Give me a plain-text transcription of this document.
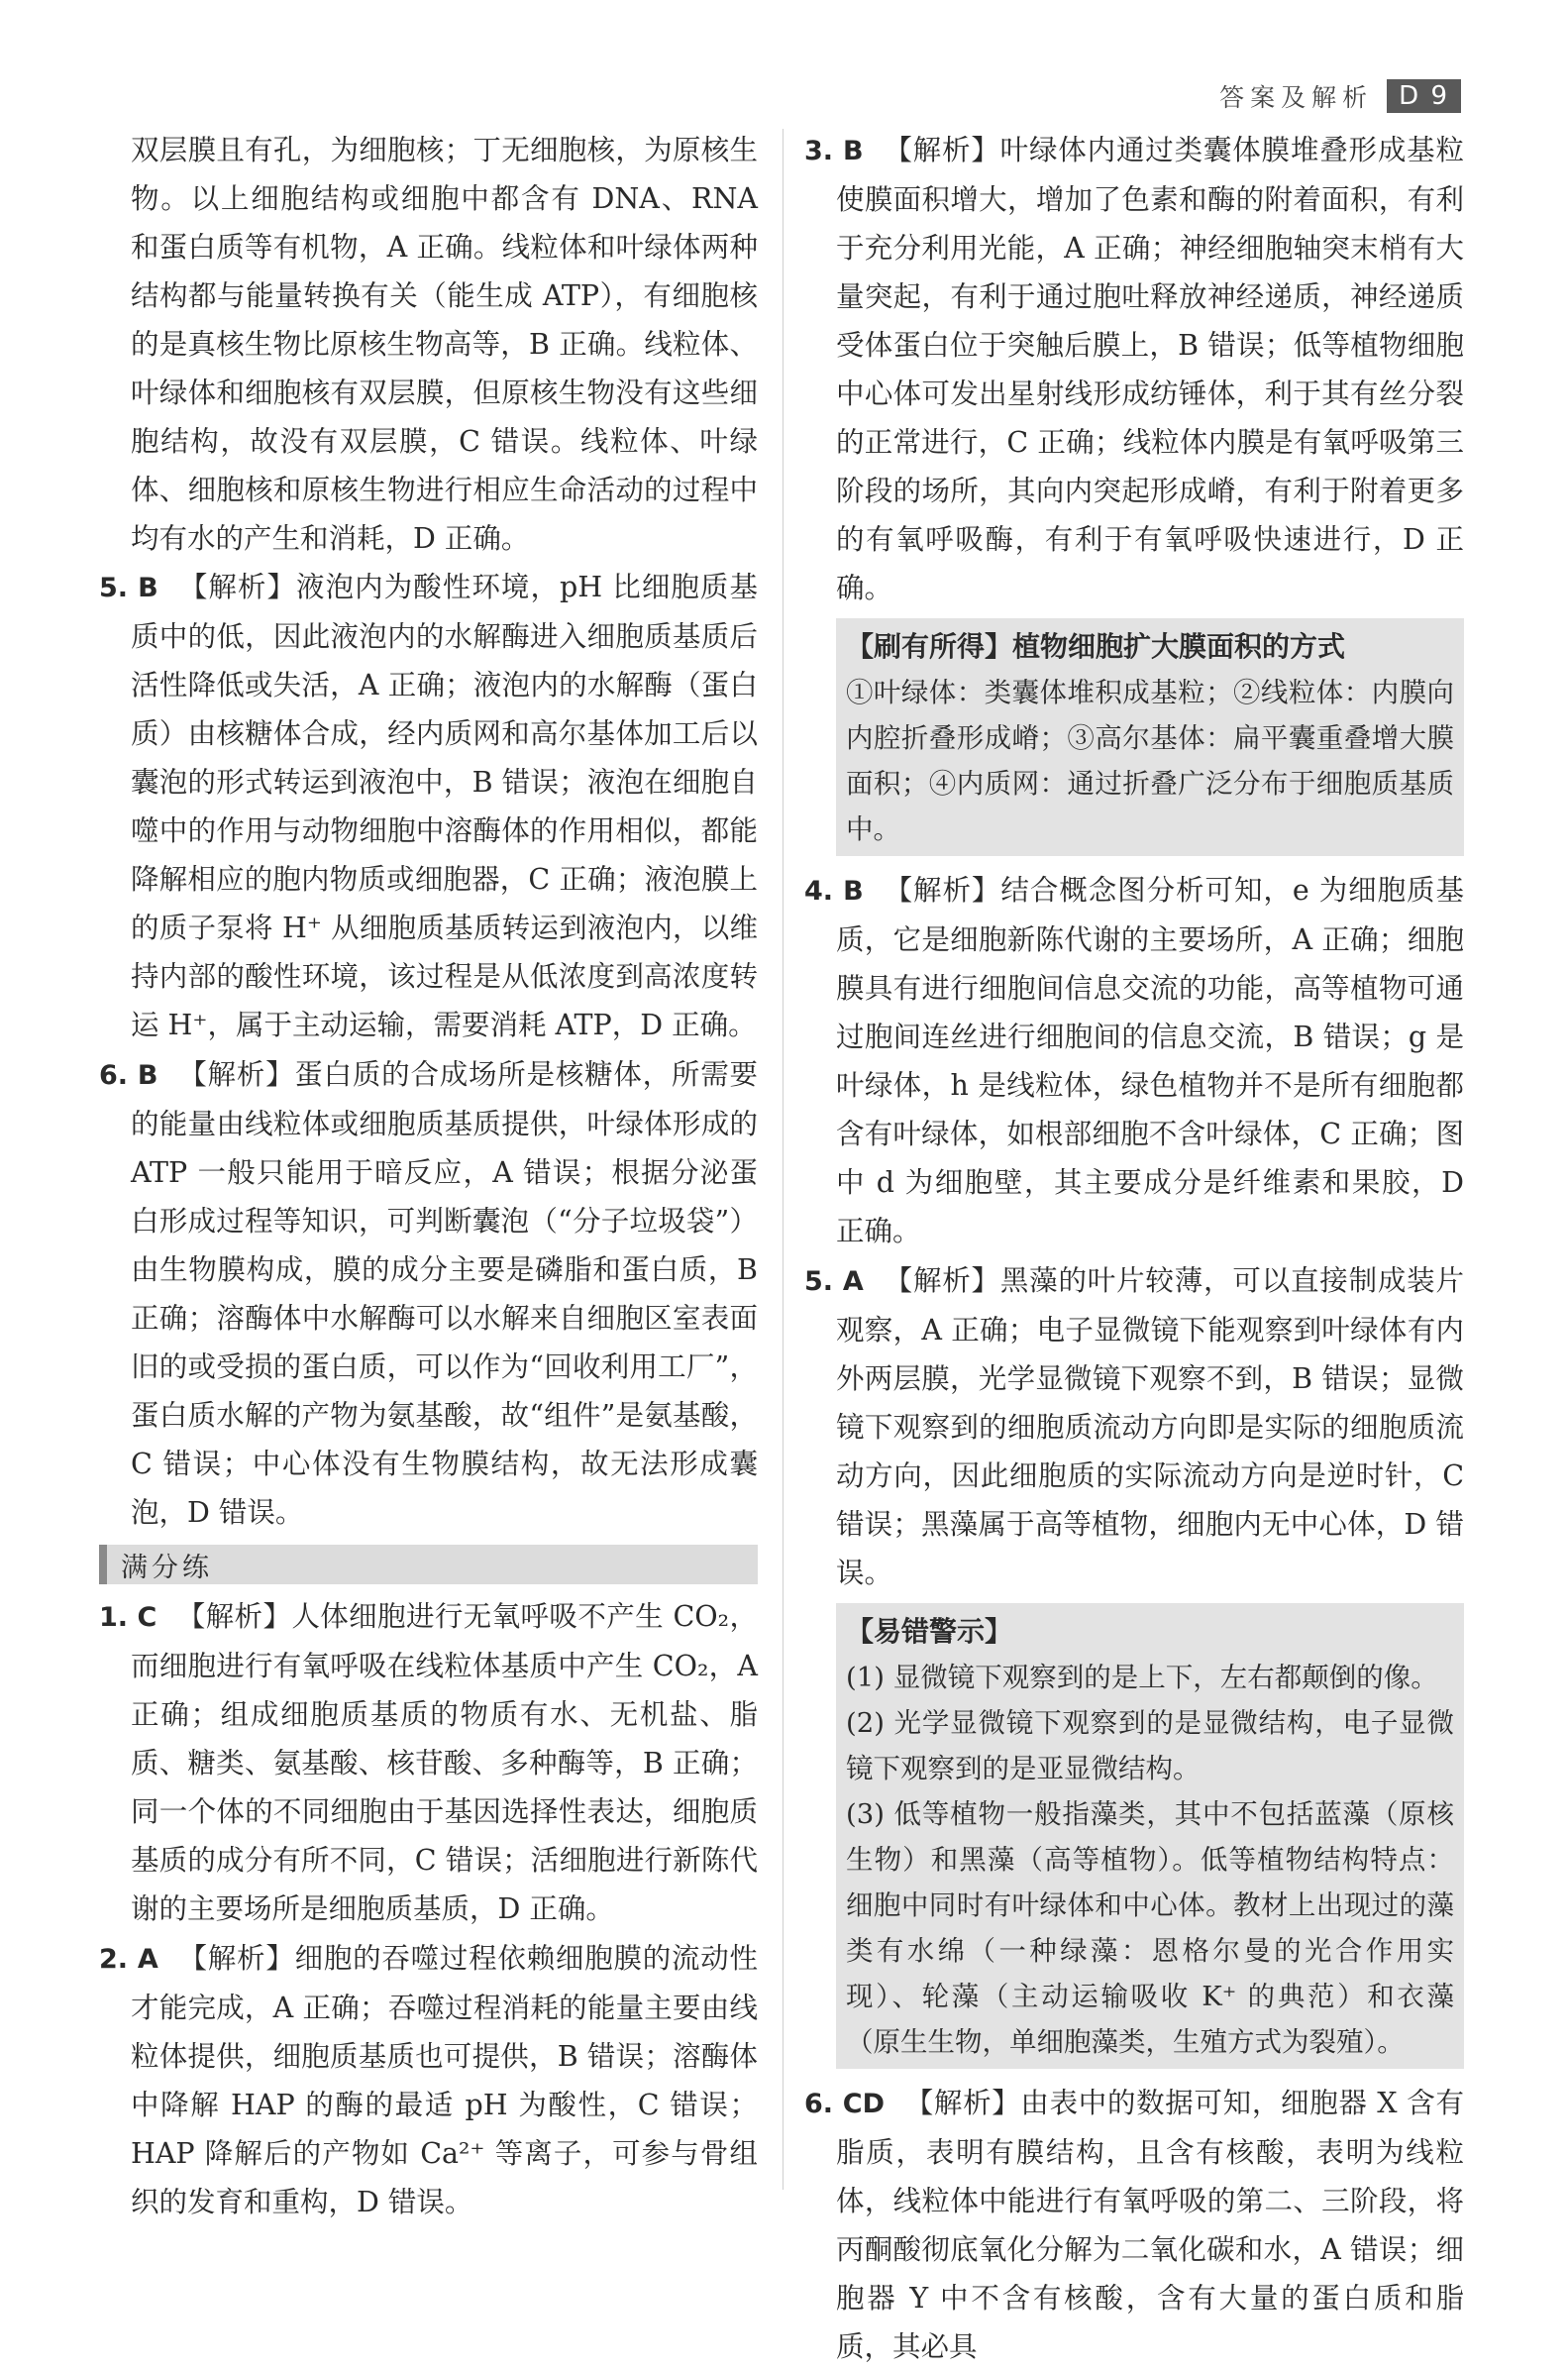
答案及解析	D 9

双层膜且有孔，为细胞核；丁无细胞核，为原核生物。以上细胞结构或细胞中都含有 DNA、RNA 和蛋白质等有机物，A 正确。线粒体和叶绿体两种结构都与能量转换有关（能生成 ATP），有细胞核的是真核生物比原核生物高等，B 正确。线粒体、叶绿体和细胞核有双层膜，但原核生物没有这些细胞结构，故没有双层膜，C 错误。线粒体、叶绿体、细胞核和原核生物进行相应生命活动的过程中均有水的产生和消耗，D 正确。

5. B 【解析】液泡内为酸性环境，pH 比细胞质基质中的低，因此液泡内的水解酶进入细胞质基质后活性降低或失活，A 正确；液泡内的水解酶（蛋白质）由核糖体合成，经内质网和高尔基体加工后以囊泡的形式转运到液泡中，B 错误；液泡在细胞自噬中的作用与动物细胞中溶酶体的作用相似，都能降解相应的胞内物质或细胞器，C 正确；液泡膜上的质子泵将 H⁺ 从细胞质基质转运到液泡内，以维持内部的酸性环境，该过程是从低浓度到高浓度转运 H⁺，属于主动运输，需要消耗 ATP，D 正确。

6. B 【解析】蛋白质的合成场所是核糖体，所需要的能量由线粒体或细胞质基质提供，叶绿体形成的 ATP 一般只能用于暗反应，A 错误；根据分泌蛋白形成过程等知识，可判断囊泡（“分子垃圾袋”）由生物膜构成，膜的成分主要是磷脂和蛋白质，B 正确；溶酶体中水解酶可以水解来自细胞区室表面旧的或受损的蛋白质，可以作为“回收利用工厂”，蛋白质水解的产物为氨基酸，故“组件”是氨基酸，C 错误；中心体没有生物膜结构，故无法形成囊泡，D 错误。

满分练

1. C 【解析】人体细胞进行无氧呼吸不产生 CO₂，而细胞进行有氧呼吸在线粒体基质中产生 CO₂，A 正确；组成细胞质基质的物质有水、无机盐、脂质、糖类、氨基酸、核苷酸、多种酶等，B 正确；同一个体的不同细胞由于基因选择性表达，细胞质基质的成分有所不同，C 错误；活细胞进行新陈代谢的主要场所是细胞质基质，D 正确。

2. A 【解析】细胞的吞噬过程依赖细胞膜的流动性才能完成，A 正确；吞噬过程消耗的能量主要由线粒体提供，细胞质基质也可提供，B 错误；溶酶体中降解 HAP 的酶的最适 pH 为酸性，C 错误；HAP 降解后的产物如 Ca²⁺ 等离子，可参与骨组织的发育和重构，D 错误。

3. B 【解析】叶绿体内通过类囊体膜堆叠形成基粒使膜面积增大，增加了色素和酶的附着面积，有利于充分利用光能，A 正确；神经细胞轴突末梢有大量突起，有利于通过胞吐释放神经递质，神经递质受体蛋白位于突触后膜上，B 错误；低等植物细胞中心体可发出星射线形成纺锤体，利于其有丝分裂的正常进行，C 正确；线粒体内膜是有氧呼吸第三阶段的场所，其向内突起形成嵴，有利于附着更多的有氧呼吸酶，有利于有氧呼吸快速进行，D 正确。

【刷有所得】植物细胞扩大膜面积的方式

①叶绿体：类囊体堆积成基粒；②线粒体：内膜向内腔折叠形成嵴；③高尔基体：扁平囊重叠增大膜面积；④内质网：通过折叠广泛分布于细胞质基质中。

4. B 【解析】结合概念图分析可知，e 为细胞质基质，它是细胞新陈代谢的主要场所，A 正确；细胞膜具有进行细胞间信息交流的功能，高等植物可通过胞间连丝进行细胞间的信息交流，B 错误；g 是叶绿体，h 是线粒体，绿色植物并不是所有细胞都含有叶绿体，如根部细胞不含叶绿体，C 正确；图中 d 为细胞壁，其主要成分是纤维素和果胶，D 正确。

5. A 【解析】黑藻的叶片较薄，可以直接制成装片观察，A 正确；电子显微镜下能观察到叶绿体有内外两层膜，光学显微镜下观察不到，B 错误；显微镜下观察到的细胞质流动方向即是实际的细胞质流动方向，因此细胞质的实际流动方向是逆时针，C 错误；黑藻属于高等植物，细胞内无中心体，D 错误。

【易错警示】

(1) 显微镜下观察到的是上下，左右都颠倒的像。

(2) 光学显微镜下观察到的是显微结构，电子显微镜下观察到的是亚显微结构。

(3) 低等植物一般指藻类，其中不包括蓝藻（原核生物）和黑藻（高等植物）。低等植物结构特点：细胞中同时有叶绿体和中心体。教材上出现过的藻类有水绵（一种绿藻：恩格尔曼的光合作用实现）、轮藻（主动运输吸收 K⁺ 的典范）和衣藻（原生生物，单细胞藻类，生殖方式为裂殖）。

6. CD 【解析】由表中的数据可知，细胞器 X 含有脂质，表明有膜结构，且含有核酸，表明为线粒体，线粒体中能进行有氧呼吸的第二、三阶段，将丙酮酸彻底氧化分解为二氧化碳和水，A 错误；细胞器 Y 中不含有核酸，含有大量的蛋白质和脂质，其必具
